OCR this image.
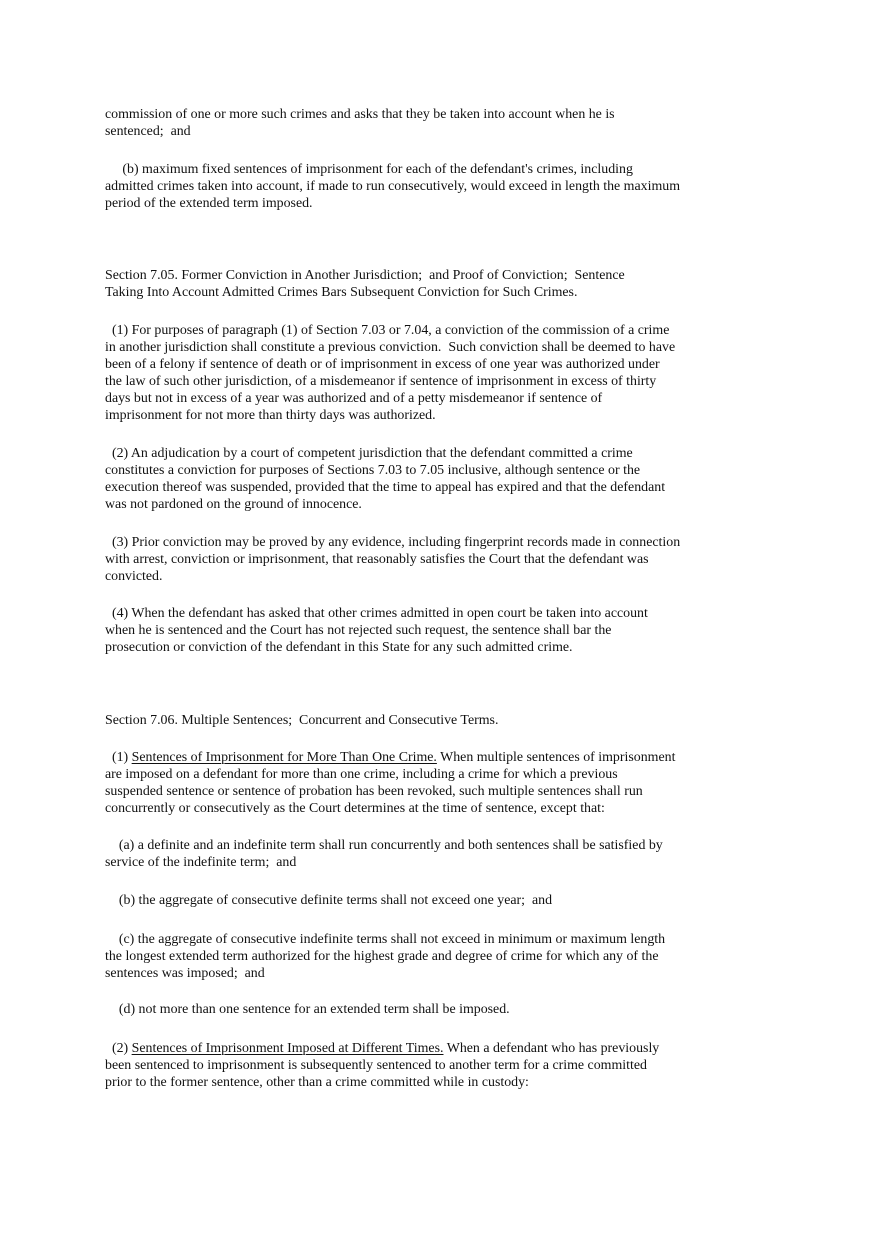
commission of one or more such crimes and asks that they be taken into account when he is
sentenced;  and

(b) maximum fixed sentences of imprisonment for each of the defendant's crimes, including
admitted crimes taken into account, if made to run consecutively, would exceed in length the maximum
period of the extended term imposed.

Section 7.05. Former Conviction in Another Jurisdiction;  and Proof of Conviction;  Sentence
Taking Into Account Admitted Crimes Bars Subsequent Conviction for Such Crimes.

(1) For purposes of paragraph (1) of Section 7.03 or 7.04, a conviction of the commission of a crime
in another jurisdiction shall constitute a previous conviction.  Such conviction shall be deemed to have
been of a felony if sentence of death or of imprisonment in excess of one year was authorized under
the law of such other jurisdiction, of a misdemeanor if sentence of imprisonment in excess of thirty
days but not in excess of a year was authorized and of a petty misdemeanor if sentence of
imprisonment for not more than thirty days was authorized.

(2) An adjudication by a court of competent jurisdiction that the defendant committed a crime
constitutes a conviction for purposes of Sections 7.03 to 7.05 inclusive, although sentence or the
execution thereof was suspended, provided that the time to appeal has expired and that the defendant
was not pardoned on the ground of innocence.

(3) Prior conviction may be proved by any evidence, including fingerprint records made in connection
with arrest, conviction or imprisonment, that reasonably satisfies the Court that the defendant was
convicted.

(4) When the defendant has asked that other crimes admitted in open court be taken into account
when he is sentenced and the Court has not rejected such request, the sentence shall bar the
prosecution or conviction of the defendant in this State for any such admitted crime.

Section 7.06. Multiple Sentences;  Concurrent and Consecutive Terms.

(1) Sentences of Imprisonment for More Than One Crime. When multiple sentences of imprisonment
are imposed on a defendant for more than one crime, including a crime for which a previous
suspended sentence or sentence of probation has been revoked, such multiple sentences shall run
concurrently or consecutively as the Court determines at the time of sentence, except that:

(a) a definite and an indefinite term shall run concurrently and both sentences shall be satisfied by
service of the indefinite term;  and

(b) the aggregate of consecutive definite terms shall not exceed one year;  and

(c) the aggregate of consecutive indefinite terms shall not exceed in minimum or maximum length
the longest extended term authorized for the highest grade and degree of crime for which any of the
sentences was imposed;  and

(d) not more than one sentence for an extended term shall be imposed.

(2) Sentences of Imprisonment Imposed at Different Times. When a defendant who has previously
been sentenced to imprisonment is subsequently sentenced to another term for a crime committed
prior to the former sentence, other than a crime committed while in custody:
